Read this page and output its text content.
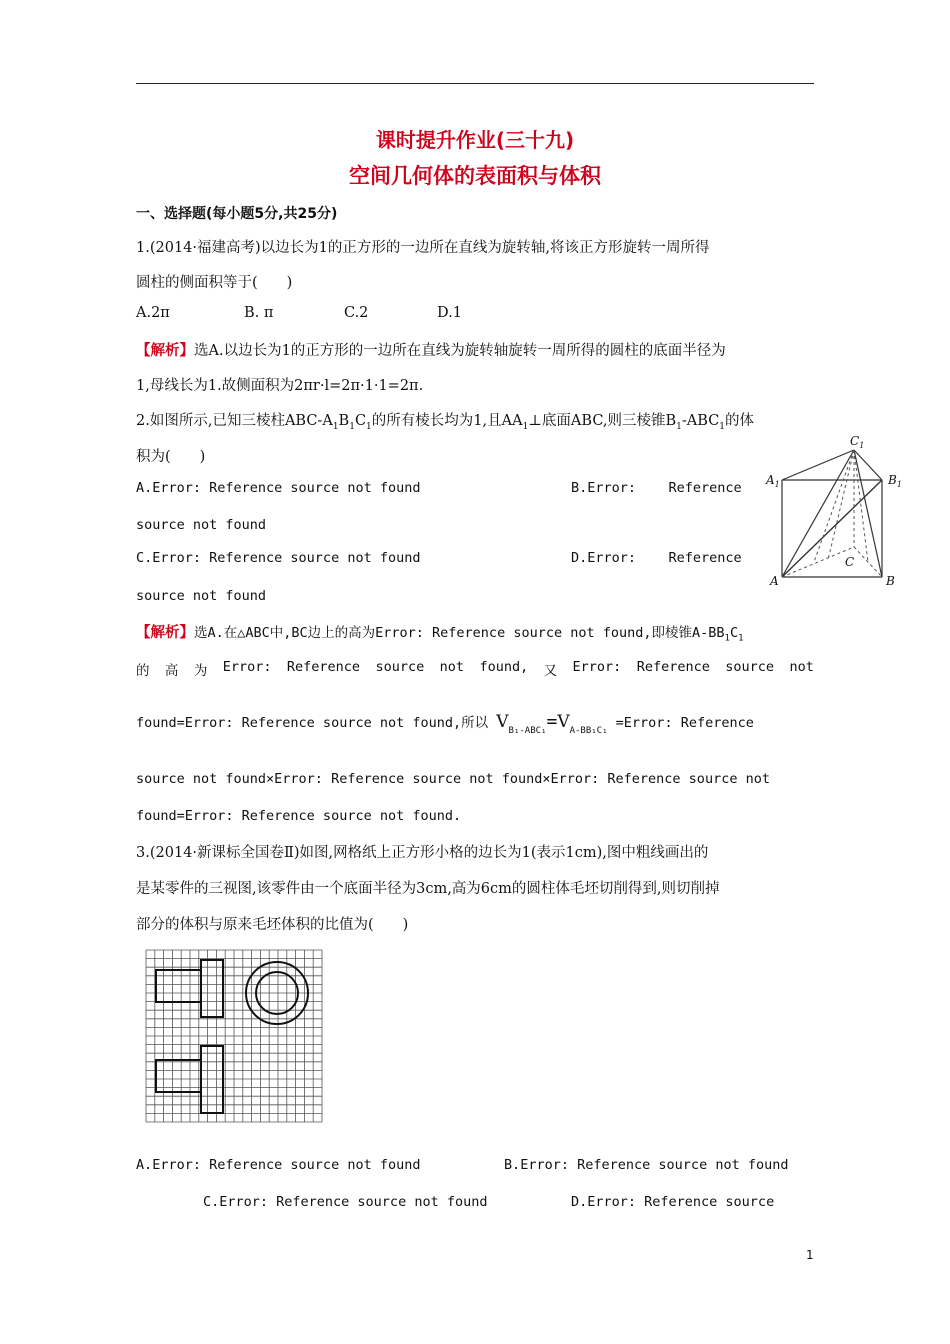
课时提升作业(三十九)
空间几何体的表面积与体积
一、选择题(每小题5分,共25分)
1.(2014·福建高考)以边长为1的正方形的一边所在直线为旋转轴,将该正方形旋转一周所得
圆柱的侧面积等于(　　)
A.2π	B. π	C.2	D.1
【解析】选A.以边长为1的正方形的一边所在直线为旋转轴旋转一周所得的圆柱的底面半径为
1,母线长为1.故侧面积为2πr·l=2π·1·1=2π.
2.如图所示,已知三棱柱ABC-$A_1B_1C_1$的所有棱长均为1,且$AA_1\perp$底面ABC,则三棱锥$B_1-ABC_1$的体
积为(　　)
A.Error: Reference source not found	B.Error:    Reference
source not found
C.Error: Reference source not found	D.Error:    Reference
source not found
$C_1$
$A_1$	$B_1$
A	B
C
【解析】选A.在△ABC中,BC边上的高为Error: Reference source not found,即棱锥$A-BB_1C_1$
的 高 为 Error: Reference source not found, 又 Error: Reference source not
found=Error: Reference source not found,所以 $V_{B_1-ABC_1}=V_{A-BB_1C_1}$ =Error: Reference
source not found×Error: Reference source not found×Error: Reference source not
found=Error: Reference source not found.
3.(2014·新课标全国卷Ⅱ)如图,网格纸上正方形小格的边长为1(表示1cm),图中粗线画出的
是某零件的三视图,该零件由一个底面半径为3cm,高为6cm的圆柱体毛坯切削得到,则切削掉
部分的体积与原来毛坯体积的比值为(　　)
A.Error: Reference source not found	B.Error: Reference source not found
C.Error: Reference source not found	D.Error: Reference source
1
